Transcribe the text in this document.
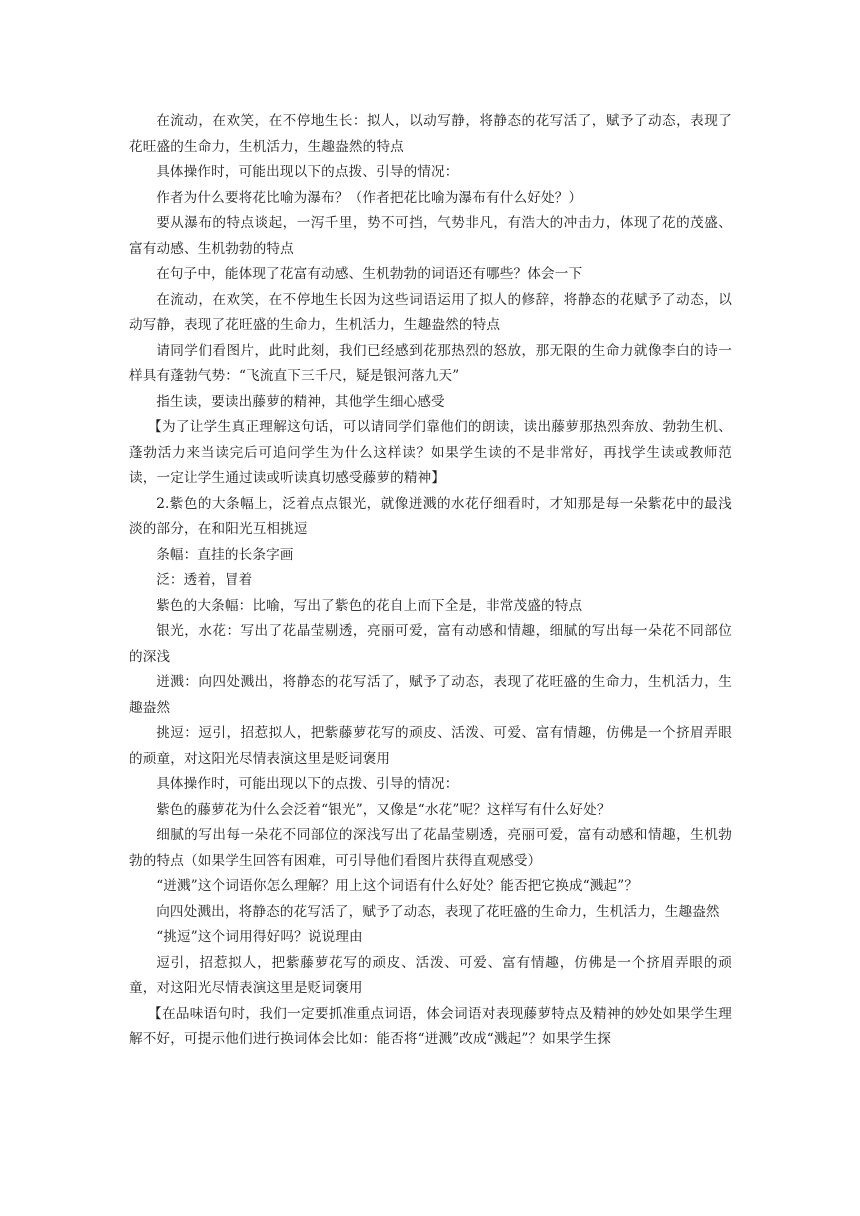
在流动，在欢笑，在不停地生长：拟人，以动写静，将静态的花写活了，赋予了动态，表现了花旺盛的生命力，生机活力，生趣盎然的特点

具体操作时，可能出现以下的点拨、引导的情况：

作者为什么要将花比喻为瀑布？（作者把花比喻为瀑布有什么好处？）

要从瀑布的特点谈起，一泻千里，势不可挡，气势非凡，有浩大的冲击力，体现了花的茂盛、富有动感、生机勃勃的特点

在句子中，能体现了花富有动感、生机勃勃的词语还有哪些？体会一下

在流动，在欢笑，在不停地生长因为这些词语运用了拟人的修辞，将静态的花赋予了动态，以动写静，表现了花旺盛的生命力，生机活力，生趣盎然的特点

请同学们看图片，此时此刻，我们已经感到花那热烈的怒放，那无限的生命力就像李白的诗一样具有蓬勃气势：“飞流直下三千尺，疑是银河落九天”

指生读，要读出藤萝的精神，其他学生细心感受

【为了让学生真正理解这句话，可以请同学们靠他们的朗读，读出藤萝那热烈奔放、勃勃生机、蓬勃活力来当读完后可追问学生为什么这样读？如果学生读的不是非常好，再找学生读或教师范读，一定让学生通过读或听读真切感受藤萝的精神】

2.紫色的大条幅上，泛着点点银光，就像迸溅的水花仔细看时，才知那是每一朵紫花中的最浅淡的部分，在和阳光互相挑逗

条幅：直挂的长条字画

泛：透着，冒着

紫色的大条幅：比喻，写出了紫色的花自上而下全是，非常茂盛的特点

银光，水花：写出了花晶莹剔透，亮丽可爱，富有动感和情趣，细腻的写出每一朵花不同部位的深浅

迸溅：向四处溅出，将静态的花写活了，赋予了动态，表现了花旺盛的生命力，生机活力，生趣盎然

挑逗：逗引，招惹拟人，把紫藤萝花写的顽皮、活泼、可爱、富有情趣，仿佛是一个挤眉弄眼的顽童，对这阳光尽情表演这里是贬词褒用

具体操作时，可能出现以下的点拨、引导的情况：

紫色的藤萝花为什么会泛着“银光”，又像是“水花”呢？这样写有什么好处？

细腻的写出每一朵花不同部位的深浅写出了花晶莹剔透，亮丽可爱，富有动感和情趣，生机勃勃的特点（如果学生回答有困难，可引导他们看图片获得直观感受）

“迸溅”这个词语你怎么理解？用上这个词语有什么好处？能否把它换成“溅起”？

向四处溅出，将静态的花写活了，赋予了动态，表现了花旺盛的生命力，生机活力，生趣盎然

“挑逗”这个词用得好吗？说说理由

逗引，招惹拟人，把紫藤萝花写的顽皮、活泼、可爱、富有情趣，仿佛是一个挤眉弄眼的顽童，对这阳光尽情表演这里是贬词褒用

【在品味语句时，我们一定要抓准重点词语，体会词语对表现藤萝特点及精神的妙处如果学生理解不好，可提示他们进行换词体会比如：能否将“迸溅”改成“溅起”？如果学生探
